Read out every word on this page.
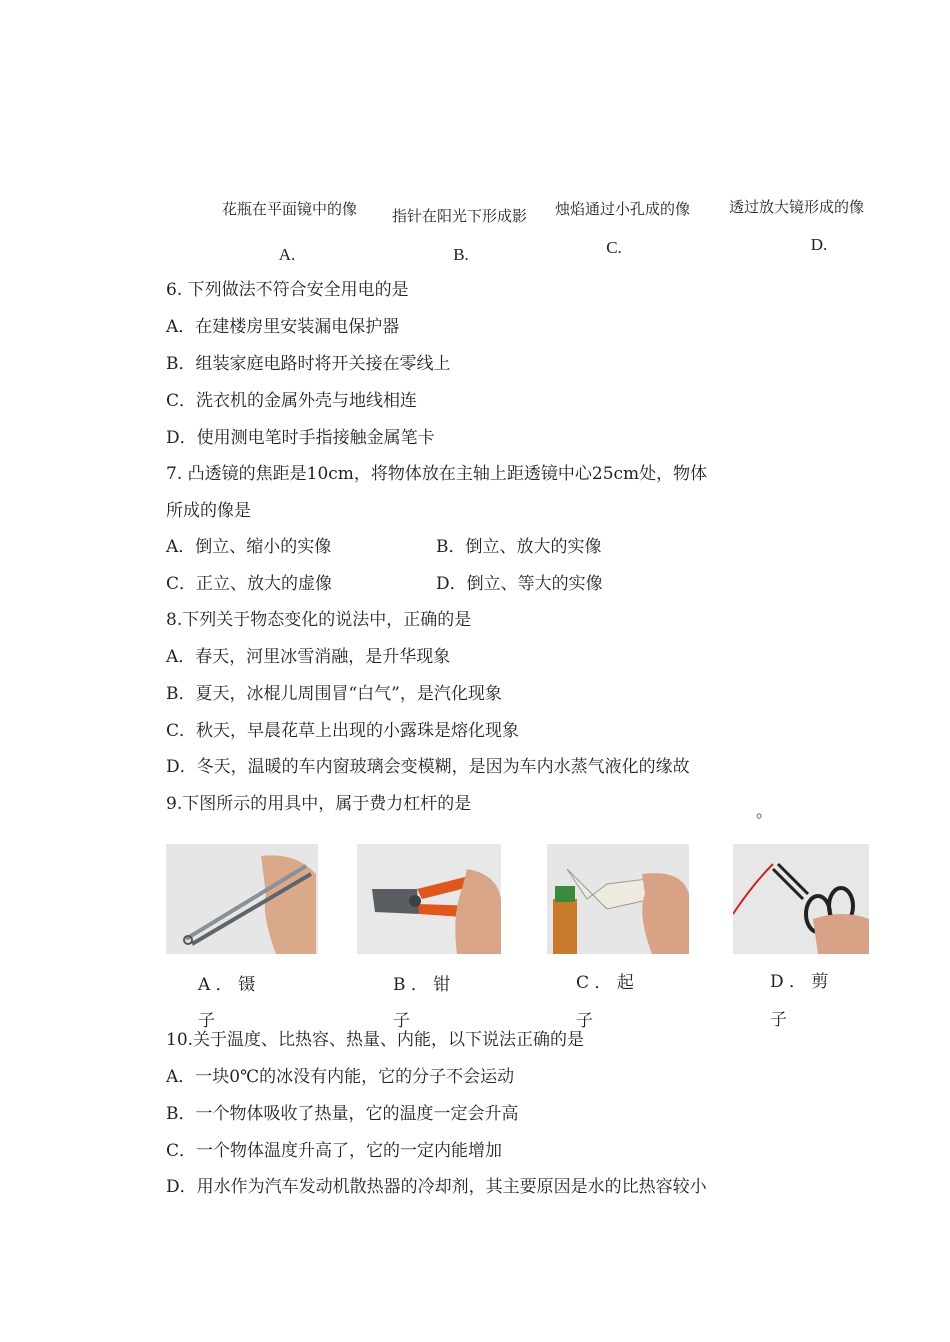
花瓶在平面镜中的像 指针在阳光下形成影 烛焰通过小孔成的像	透过放大镜形成的像
A.	B.	C.	D.
6. 下列做法不符合安全用电的是
A．在建楼房里安装漏电保护器
B．组装家庭电路时将开关接在零线上
C．洗衣机的金属外壳与地线相连
D．使用测电笔时手指接触金属笔卡
7. 凸透镜的焦距是10cm，将物体放在主轴上距透镜中心25cm处，物体
所成的像是
A．倒立、缩小的实像	B．倒立、放大的实像
C．正立、放大的虚像	D．倒立、等大的实像
8.下列关于物态变化的说法中，正确的是
A．春天，河里冰雪消融，是升华现象
B．夏天，冰棍儿周围冒“白气”，是汽化现象
C．秋天，早晨花草上出现的小露珠是熔化现象
D．冬天，温暖的车内窗玻璃会变模糊，是因为车内水蒸气液化的缘故
9.下图所示的用具中，属于费力杠杆的是	。
A ． 镊
子
B ． 钳
子
C ． 起
子
D ． 剪
子
10.关于温度、比热容、热量、内能，以下说法正确的是
A．一块0℃的冰没有内能，它的分子不会运动
B．一个物体吸收了热量，它的温度一定会升高
C．一个物体温度升高了，它的一定内能增加
D．用水作为汽车发动机散热器的冷却剂，其主要原因是水的比热容较小
